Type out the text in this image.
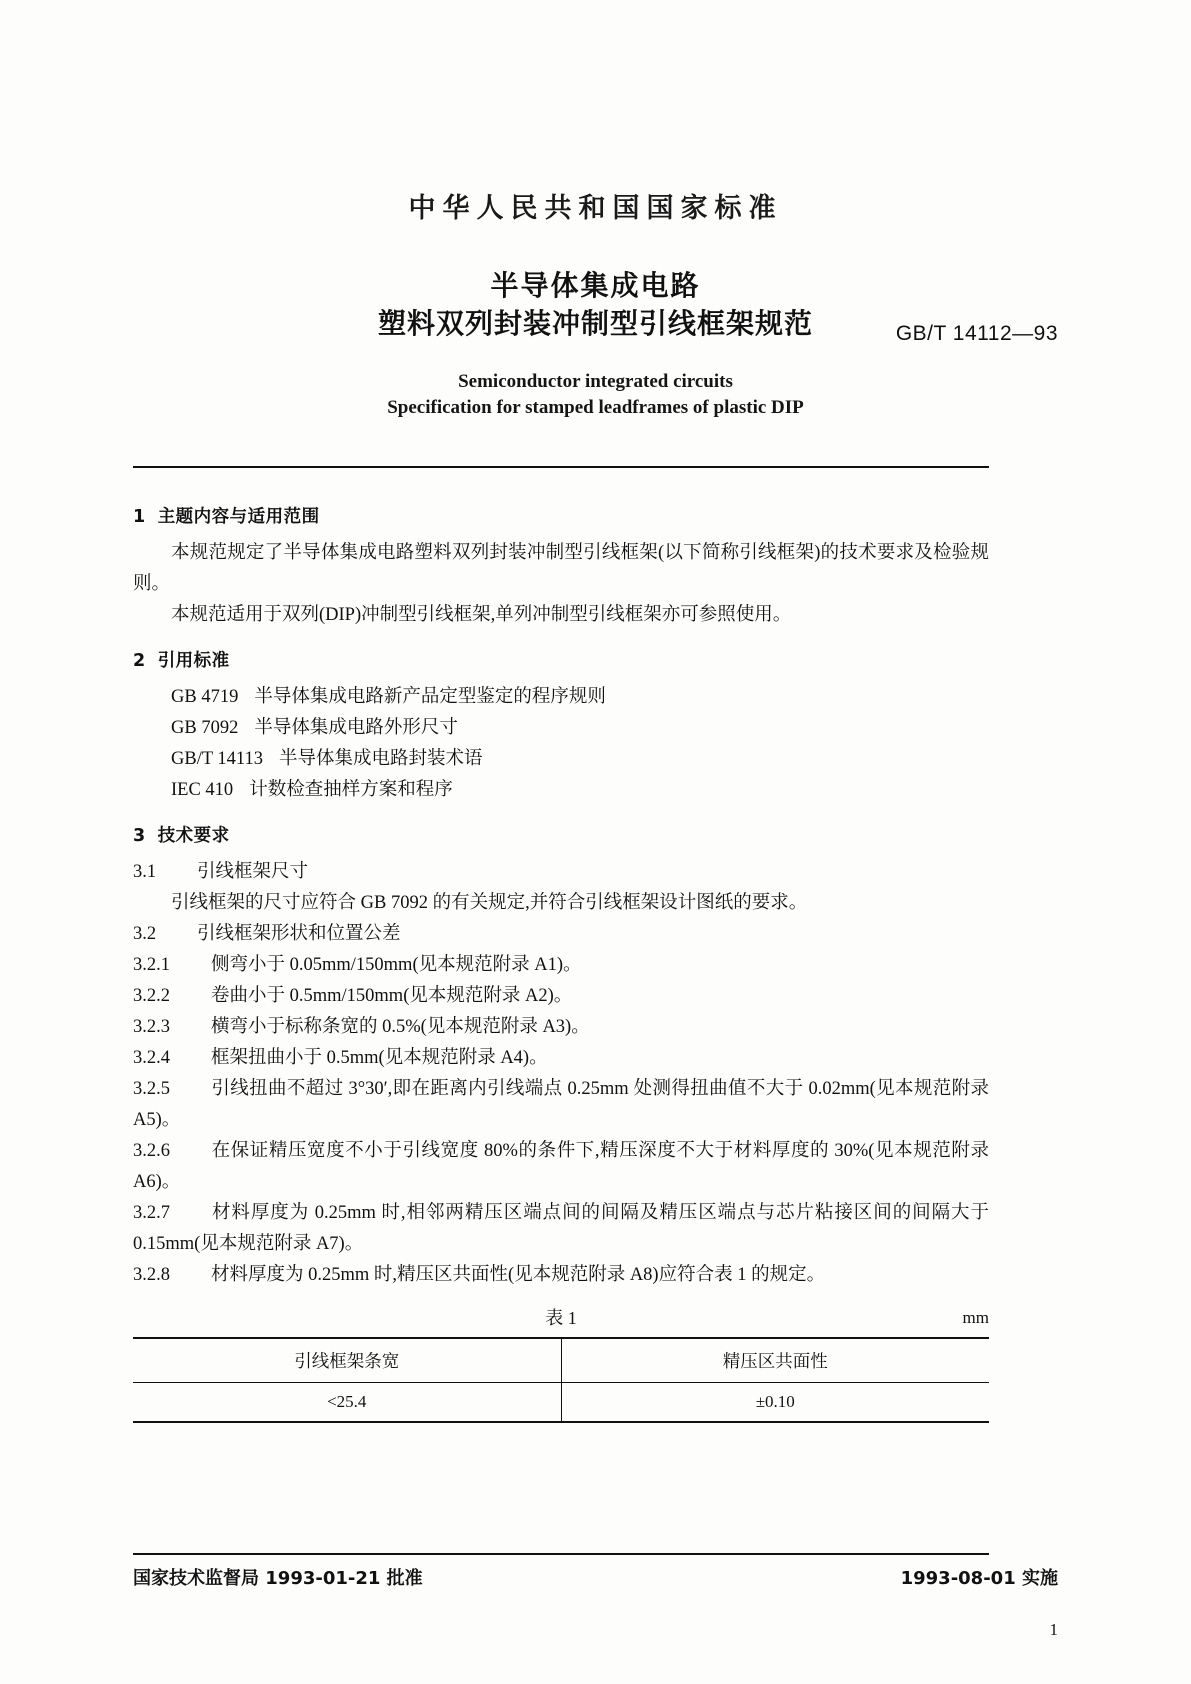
中华人民共和国国家标准
半导体集成电路
塑料双列封装冲制型引线框架规范	GB/T 14112—93
Semiconductor integrated circuits
Specification for stamped leadframes of plastic DIP
1 主题内容与适用范围

本规范规定了半导体集成电路塑料双列封装冲制型引线框架(以下简称引线框架)的技术要求及检验规则。

本规范适用于双列(DIP)冲制型引线框架,单列冲制型引线框架亦可参照使用。

2 引用标准
GB 4719 半导体集成电路新产品定型鉴定的程序规则
GB 7092 半导体集成电路外形尺寸
GB/T 14113 半导体集成电路封装术语
IEC 410 计数检查抽样方案和程序
3 技术要求

3.1 引线框架尺寸

引线框架的尺寸应符合 GB 7092 的有关规定,并符合引线框架设计图纸的要求。

3.2 引线框架形状和位置公差

3.2.1 侧弯小于 0.05mm/150mm(见本规范附录 A1)。

3.2.2 卷曲小于 0.5mm/150mm(见本规范附录 A2)。

3.2.3 横弯小于标称条宽的 0.5%(见本规范附录 A3)。

3.2.4 框架扭曲小于 0.5mm(见本规范附录 A4)。

3.2.5 引线扭曲不超过 3°30′,即在距离内引线端点 0.25mm 处测得扭曲值不大于 0.02mm(见本规范附录 A5)。

3.2.6 在保证精压宽度不小于引线宽度 80%的条件下,精压深度不大于材料厚度的 30%(见本规范附录 A6)。

3.2.7 材料厚度为 0.25mm 时,相邻两精压区端点间的间隔及精压区端点与芯片粘接区间的间隔大于 0.15mm(见本规范附录 A7)。

3.2.8 材料厚度为 0.25mm 时,精压区共面性(见本规范附录 A8)应符合表 1 的规定。

表 1	mm
引线框架条宽	精压区共面性
<25.4	±0.10
国家技术监督局 1993-01-21 批准	1993-08-01 实施
1
